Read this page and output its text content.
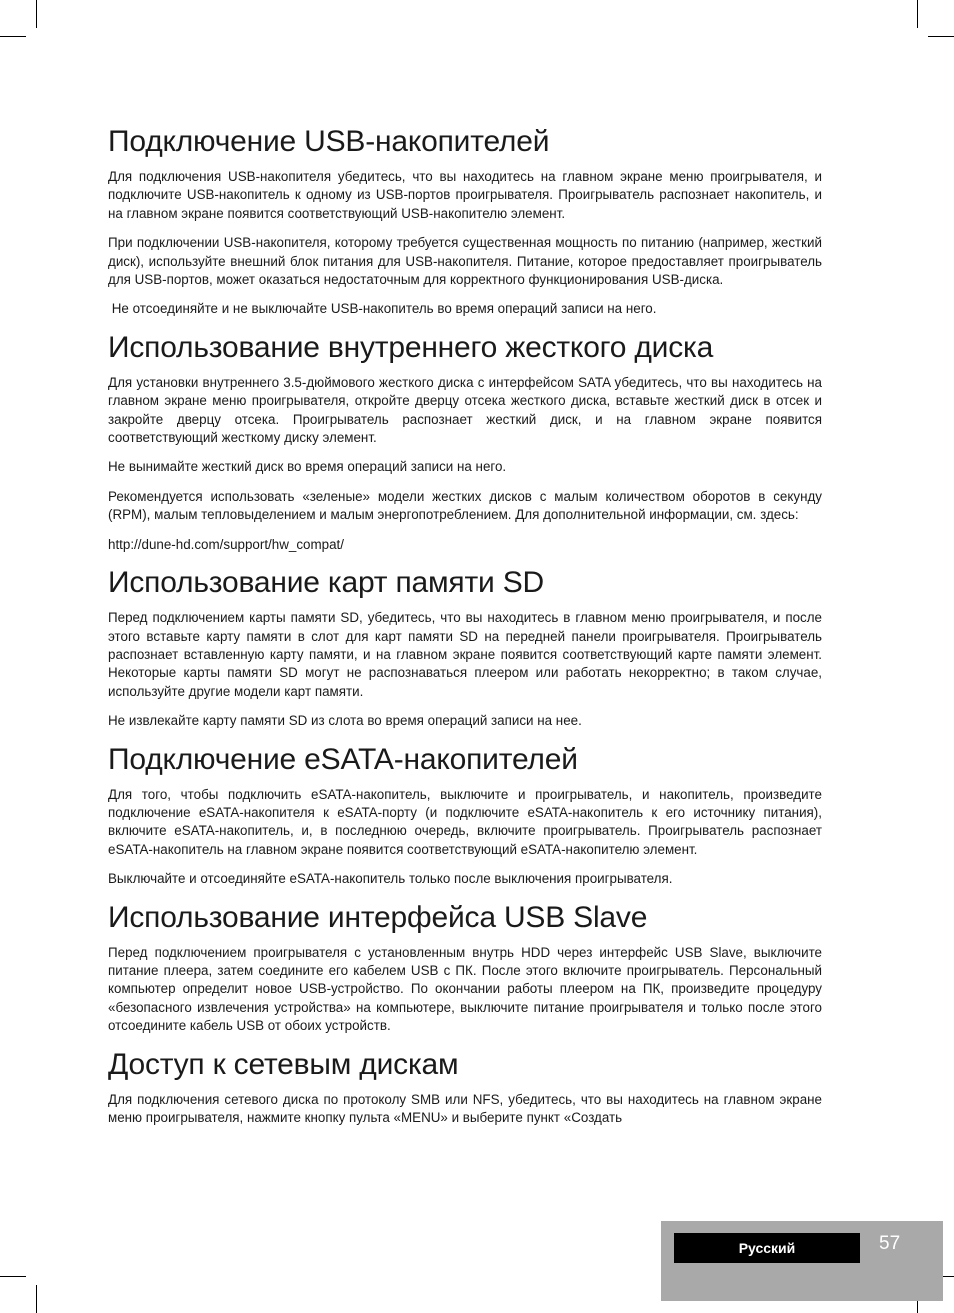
Подключение USB-накопителей

Для подключения USB-накопителя убедитесь, что вы находитесь на главном экране меню проигрывателя, и подключите USB-накопитель к одному из USB-портов проигрывателя. Проигрыватель распознает накопитель, и на главном экране появится соответствующий USB-накопителю элемент.

При подключении USB-накопителя, которому требуется существенная мощность по питанию (например, жесткий диск), используйте внешний блок питания для USB-накопителя. Питание, которое предоставляет проигрыватель для USB-портов, может оказаться недостаточным для корректного функционирования USB-диска.

Не отсоединяйте и не выключайте USB-накопитель во время операций записи на него.

Использование внутреннего жесткого диска

Для установки внутреннего 3.5-дюймового жесткого диска с интерфейсом SATA убедитесь, что вы находитесь на главном экране меню проигрывателя, откройте дверцу отсека жесткого диска, вставьте жесткий диск в отсек и закройте дверцу отсека. Проигрыватель распознает жесткий диск, и на главном экране появится соответствующий жесткому диску элемент.

Не вынимайте жесткий диск во время операций записи на него.

Рекомендуется использовать «зеленые» модели жестких дисков с малым количеством оборотов в секунду (RPM), малым тепловыделением и малым энергопотреблением. Для дополнительной информации, см. здесь:

http://dune-hd.com/support/hw_compat/

Использование карт памяти SD

Перед подключением карты памяти SD, убедитесь, что вы находитесь в главном меню проигрывателя, и после этого вставьте карту памяти в слот для карт памяти SD на передней панели проигрывателя. Проигрыватель распознает вставленную карту памяти, и на главном экране появится соответствующий карте памяти элемент. Некоторые карты памяти SD могут не распознаваться плеером или работать некорректно; в таком случае, используйте другие модели карт памяти.

Не извлекайте карту памяти SD из слота во время операций записи на нее.

Подключение eSATA-накопителей

Для того, чтобы подключить eSATA-накопитель, выключите и проигрыватель, и накопитель, произведите подключение eSATA-накопителя к eSATA-порту (и подключите eSATA-накопитель к его источнику питания), включите eSATA-накопитель, и, в последнюю очередь, включите проигрыватель. Проигрыватель распознает eSATA-накопитель на главном экране появится соответствующий eSATA-накопителю элемент.

Выключайте и отсоединяйте eSATA-накопитель только после выключения проигрывателя.

Использование интерфейса USB Slave

Перед подключением проигрывателя с установленным внутрь HDD через интерфейс USB Slave, выключите питание плеера, затем соедините его кабелем USB с ПК. После этого включите проигрыватель. Персональный компьютер определит новое USB-устройство. По окончании работы плеером на ПК, произведите процедуру «безопасного извлечения устройства» на компьютере, выключите питание проигрывателя и только после этого отсоедините кабель USB от обоих устройств.

Доступ к сетевым дискам

Для подключения сетевого диска по протоколу SMB или NFS, убедитесь, что вы находитесь на главном экране меню проигрывателя, нажмите кнопку пульта «MENU» и выберите пункт «Создать

Русский	57
